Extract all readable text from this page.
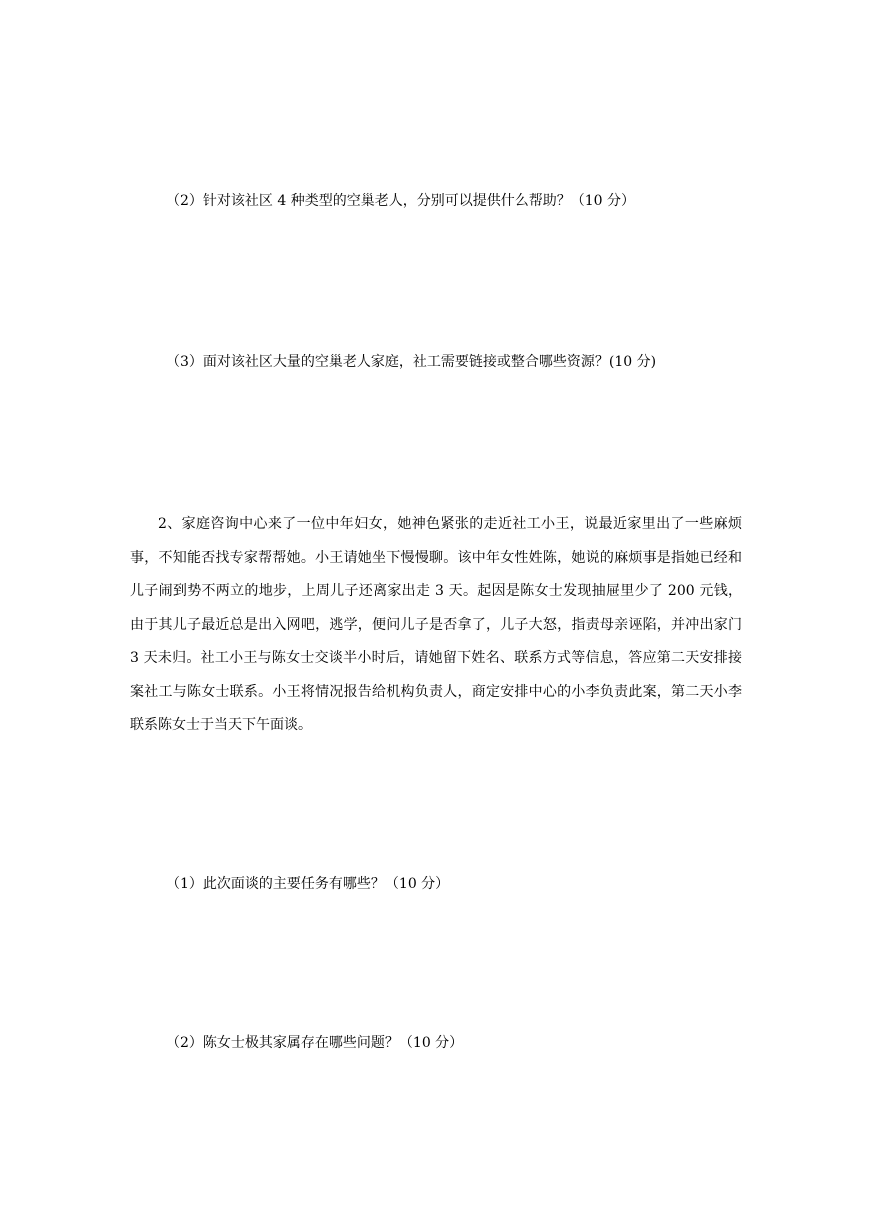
（2）针对该社区 4 种类型的空巢老人，分别可以提供什么帮助？（10 分）
（3）面对该社区大量的空巢老人家庭，社工需要链接或整合哪些资源？(10 分)

2、家庭咨询中心来了一位中年妇女，她神色紧张的走近社工小王，说最近家里出了一些麻烦事，不知能否找专家帮帮她。小王请她坐下慢慢聊。该中年女性姓陈，她说的麻烦事是指她已经和儿子闹到势不两立的地步，上周儿子还离家出走 3 天。起因是陈女士发现抽屉里少了 200 元钱，由于其儿子最近总是出入网吧，逃学，便问儿子是否拿了，儿子大怒，指责母亲诬陷，并冲出家门 3 天未归。社工小王与陈女士交谈半小时后，请她留下姓名、联系方式等信息，答应第二天安排接案社工与陈女士联系。小王将情况报告给机构负责人，商定安排中心的小李负责此案，第二天小李联系陈女士于当天下午面谈。

（1）此次面谈的主要任务有哪些？（10 分）
（2）陈女士极其家属存在哪些问题？（10 分）
